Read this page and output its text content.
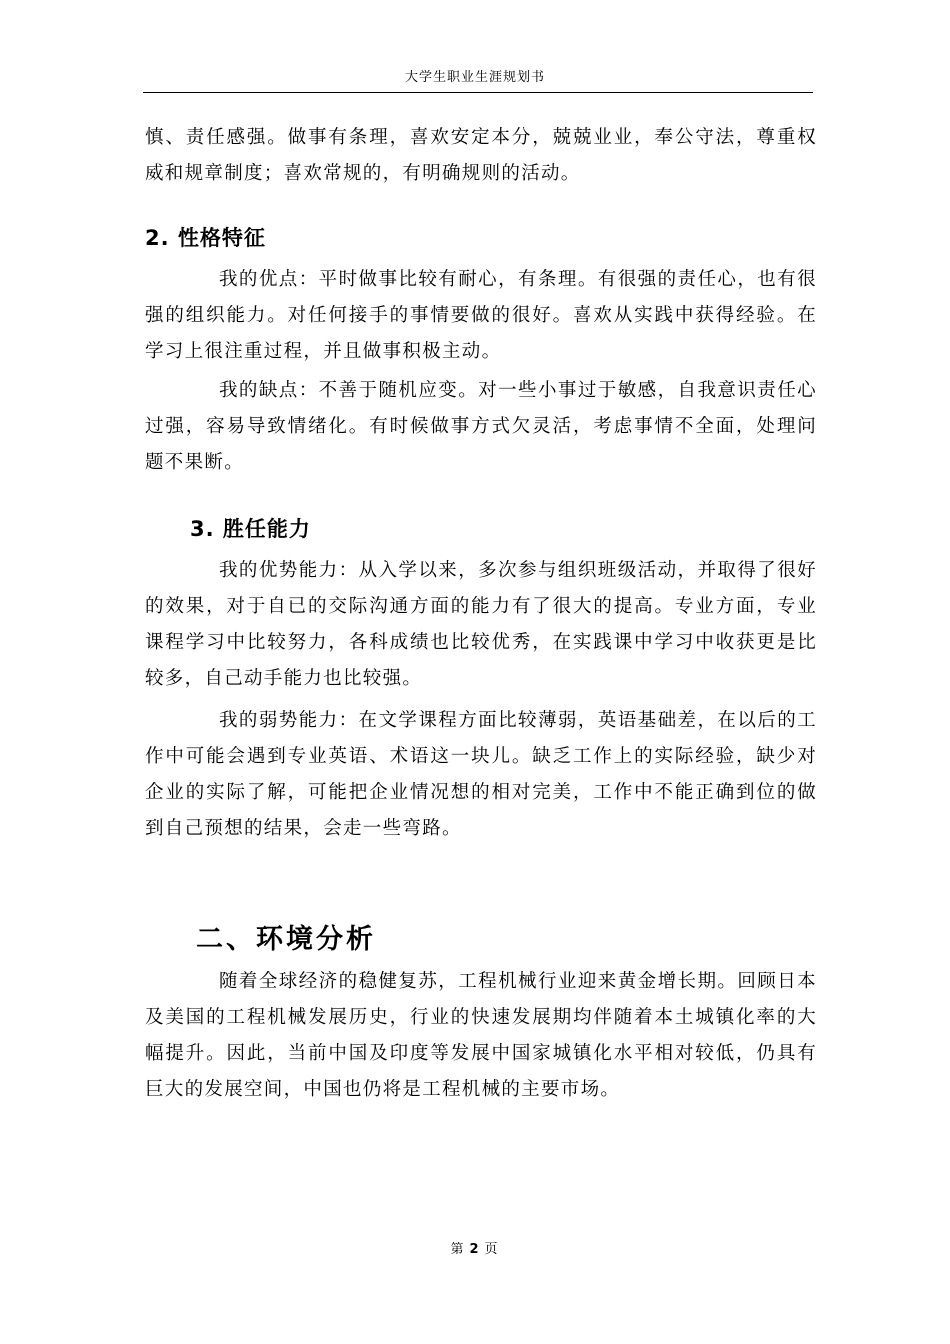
大学生职业生涯规划书

慎、责任感强。做事有条理，喜欢安定本分，兢兢业业，奉公守法，尊重权威和规章制度；喜欢常规的，有明确规则的活动。

2. 性格特征

我的优点：平时做事比较有耐心，有条理。有很强的责任心，也有很强的组织能力。对任何接手的事情要做的很好。喜欢从实践中获得经验。在学习上很注重过程，并且做事积极主动。

我的缺点：不善于随机应变。对一些小事过于敏感，自我意识责任心过强，容易导致情绪化。有时候做事方式欠灵活，考虑事情不全面，处理问题不果断。

3. 胜任能力

我的优势能力：从入学以来，多次参与组织班级活动，并取得了很好的效果，对于自已的交际沟通方面的能力有了很大的提高。专业方面，专业课程学习中比较努力，各科成绩也比较优秀，在实践课中学习中收获更是比较多，自己动手能力也比较强。

我的弱势能力：在文学课程方面比较薄弱，英语基础差，在以后的工作中可能会遇到专业英语、术语这一块儿。缺乏工作上的实际经验，缺少对企业的实际了解，可能把企业情况想的相对完美，工作中不能正确到位的做到自己预想的结果，会走一些弯路。

二、环境分析

随着全球经济的稳健复苏，工程机械行业迎来黄金增长期。回顾日本及美国的工程机械发展历史，行业的快速发展期均伴随着本土城镇化率的大幅提升。因此，当前中国及印度等发展中国家城镇化水平相对较低，仍具有巨大的发展空间，中国也仍将是工程机械的主要市场。

第 2 页
